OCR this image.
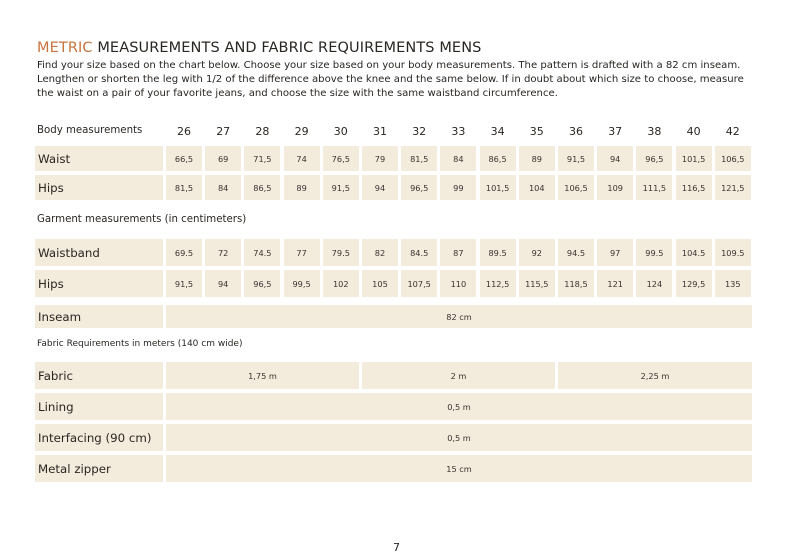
METRIC MEASUREMENTS AND FABRIC REQUIREMENTS MENS

Find your size based on the chart below. Choose your size based on your body measurements. The pattern is drafted with a 82 cm inseam. Lengthen or shorten the leg with 1/2 of the difference above the knee and the same below. If in doubt about which size to choose, measure the waist on a pair of your favorite jeans, and choose the size with the same waistband circumference.

Body measurements	26	27	28	29	30	31	32	33	34	35	36	37	38	40	42
Waist	66,5	69	71,5	74	76,5	79	81,5	84	86,5	89	91,5	94	96,5	101,5	106,5
Hips	81,5	84	86,5	89	91,5	94	96,5	99	101,5	104	106,5	109	111,5	116,5	121,5
Waistband	69.5	72	74.5	77	79.5	82	84.5	87	89.5	92	94.5	97	99.5	104.5	109.5
Hips	91,5	94	96,5	99,5	102	105	107,5	110	112,5	115,5	118,5	121	124	129,5	135
Garment measurements (in centimeters)
Inseam	82 cm
Fabric Requirements in meters (140 cm wide)
Fabric	1,75 m	2 m	2,25 m
Lining	0,5 m
Interfacing (90 cm)	0,5 m
Metal zipper	15 cm
7
